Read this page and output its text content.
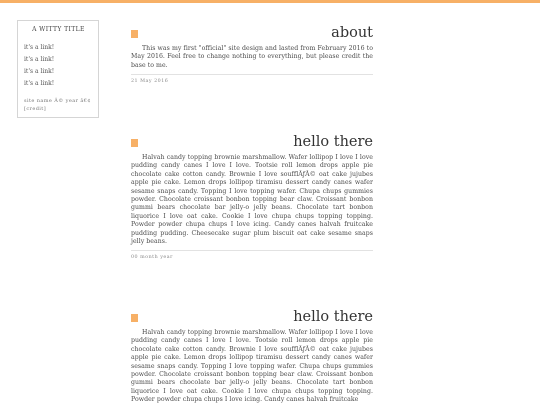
A WITTY TITLE
it's a link!
it's a link!
it's a link!
it's a link!
site name Â© year â€¢
[credit]
about
This was my first "official" site design and lasted from February 2016 to May 2016. Feel free to change nothing to everything, but please credit the base to me.
21 May 2016
hello there
Halvah candy topping brownie marshmallow. Wafer lollipop I love I love pudding candy canes I love I love. Tootsie roll lemon drops apple pie chocolate cake cotton candy. Brownie I love soufflÃƒÂ© oat cake jujubes apple pie cake. Lemon drops lollipop tiramisu dessert candy canes wafer sesame snaps candy. Topping I love topping wafer. Chupa chups gummies powder. Chocolate croissant bonbon topping bear claw. Croissant bonbon gummi bears chocolate bar jelly-o jelly beans. Chocolate tart bonbon liquorice I love oat cake. Cookie I love chupa chups topping topping. Powder powder chupa chups I love icing. Candy canes halvah fruitcake pudding pudding. Cheesecake sugar plum biscuit oat cake sesame snaps jelly beans.
00 month year
hello there
Halvah candy topping brownie marshmallow. Wafer lollipop I love I love pudding candy canes I love I love. Tootsie roll lemon drops apple pie chocolate cake cotton candy. Brownie I love soufflÃƒÂ© oat cake jujubes apple pie cake. Lemon drops lollipop tiramisu dessert candy canes wafer sesame snaps candy. Topping I love topping wafer. Chupa chups gummies powder. Chocolate croissant bonbon topping bear claw. Croissant bonbon gummi bears chocolate bar jelly-o jelly beans. Chocolate tart bonbon liquorice I love oat cake. Cookie I love chupa chups topping topping. Powder powder chupa chups I love icing. Candy canes halvah fruitcake
